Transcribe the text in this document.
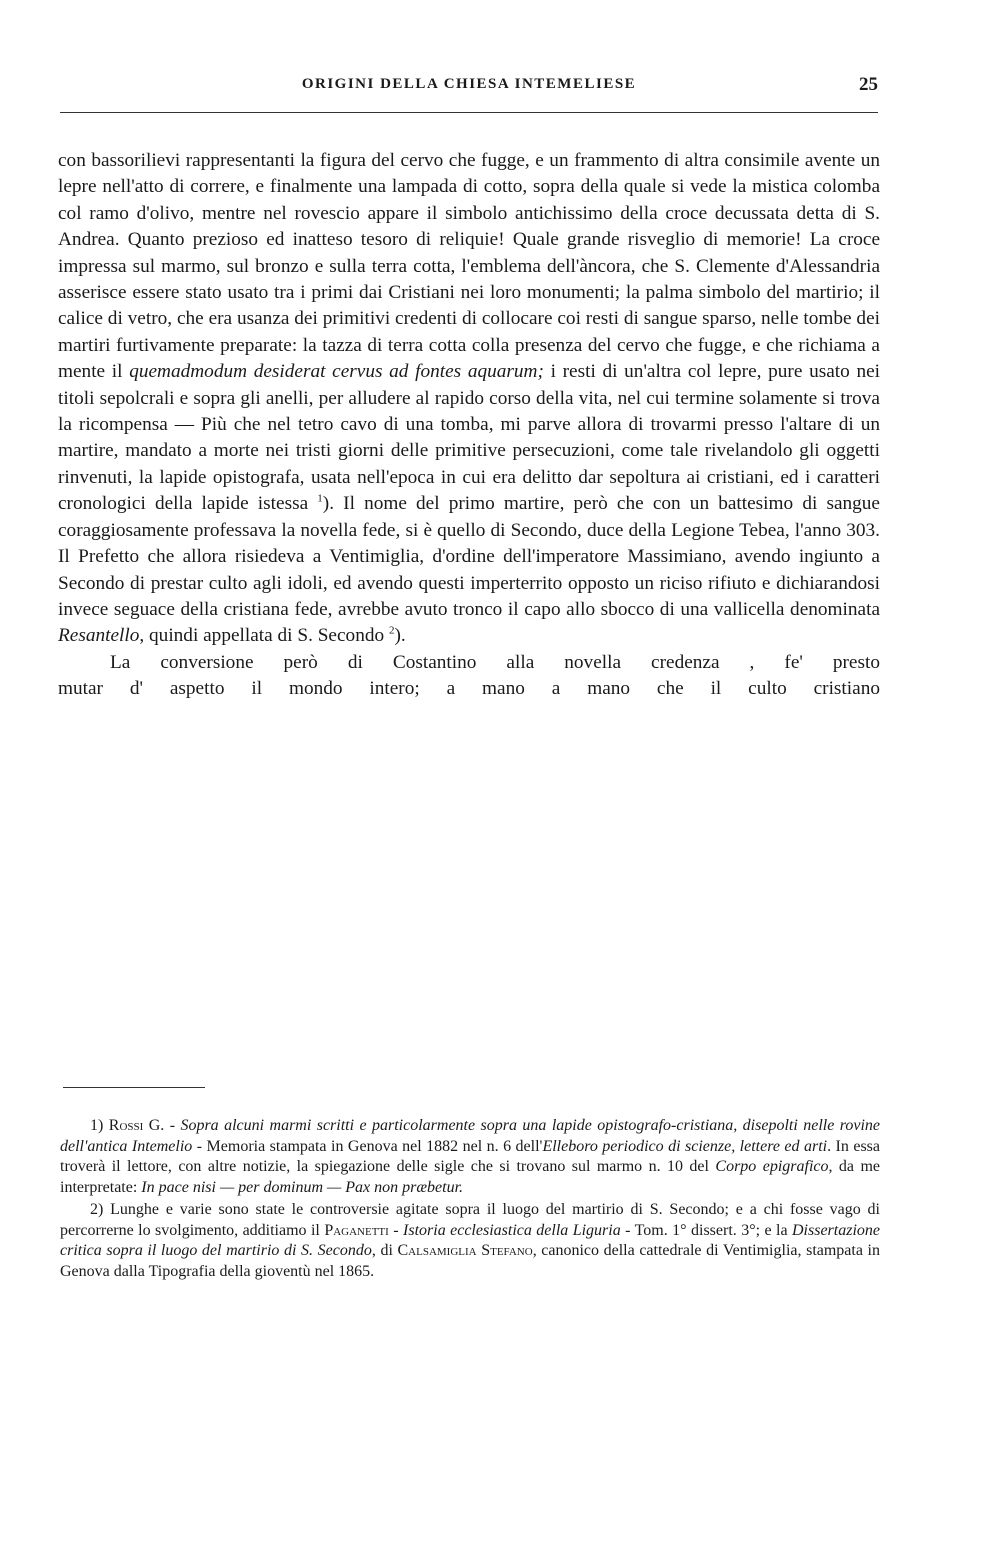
ORIGINI DELLA CHIESA INTEMELIESE	25

con bassorilievi rappresentanti la figura del cervo che fugge, e un frammento di altra consimile avente un lepre nell'atto di correre, e finalmente una lampada di cotto, sopra della quale si vede la mistica colomba col ramo d'olivo, mentre nel rovescio appare il simbolo antichissimo della croce decussata detta di S. Andrea. Quanto prezioso ed inatteso tesoro di reliquie! Quale grande risveglio di memorie! La croce impressa sul marmo, sul bronzo e sulla terra cotta, l'emblema dell'àncora, che S. Clemente d'Alessandria asserisce essere stato usato tra i primi dai Cristiani nei loro monumenti; la palma simbolo del martirio; il calice di vetro, che era usanza dei primitivi credenti di collocare coi resti di sangue sparso, nelle tombe dei martiri furtivamente preparate: la tazza di terra cotta colla presenza del cervo che fugge, e che richiama a mente il quemadmodum desiderat cervus ad fontes aquarum; i resti di un'altra col lepre, pure usato nei titoli sepolcrali e sopra gli anelli, per alludere al rapido corso della vita, nel cui termine solamente si trova la ricompensa — Più che nel tetro cavo di una tomba, mi parve allora di trovarmi presso l'altare di un martire, mandato a morte nei tristi giorni delle primitive persecuzioni, come tale rivelandolo gli oggetti rinvenuti, la lapide opistografa, usata nell'epoca in cui era delitto dar sepoltura ai cristiani, ed i caratteri cronologici della lapide istessa $^1$). Il nome del primo martire, però che con un battesimo di sangue coraggiosamente professava la novella fede, si è quello di Secondo, duce della Legione Tebea, l'anno 303. Il Prefetto che allora risiedeva a Ventimiglia, d'ordine dell'imperatore Massimiano, avendo ingiunto a Secondo di prestar culto agli idoli, ed avendo questi imperterrito opposto un riciso rifiuto e dichiarandosi invece seguace della cristiana fede, avrebbe avuto tronco il capo allo sbocco di una vallicella denominata Resantello, quindi appellata di S. Secondo $^2$).

La conversione però di Costantino alla novella credenza , fe' presto
mutar d' aspetto il mondo intero; a mano a mano che il culto cristiano

1) Rossi G. - Sopra alcuni marmi scritti e particolarmente sopra una lapide opistografo-cristiana, disepolti nelle rovine dell'antica Intemelio - Memoria stampata in Genova nel 1882 nel n. 6 dell'Elleboro periodico di scienze, lettere ed arti. In essa troverà il lettore, con altre notizie, la spiegazione delle sigle che si trovano sul marmo n. 10 del Corpo epigrafico, da me interpretate: In pace nisi — per dominum — Pax non præbetur.

2) Lunghe e varie sono state le controversie agitate sopra il luogo del martirio di S. Secondo; e a chi fosse vago di percorrerne lo svolgimento, additiamo il Paganetti - Istoria ecclesiastica della Liguria - Tom. 1° dissert. 3°; e la Dissertazione critica sopra il luogo del martirio di S. Secondo, di Calsamiglia Stefano, canonico della cattedrale di Ventimiglia, stampata in Genova dalla Tipografia della gioventù nel 1865.
